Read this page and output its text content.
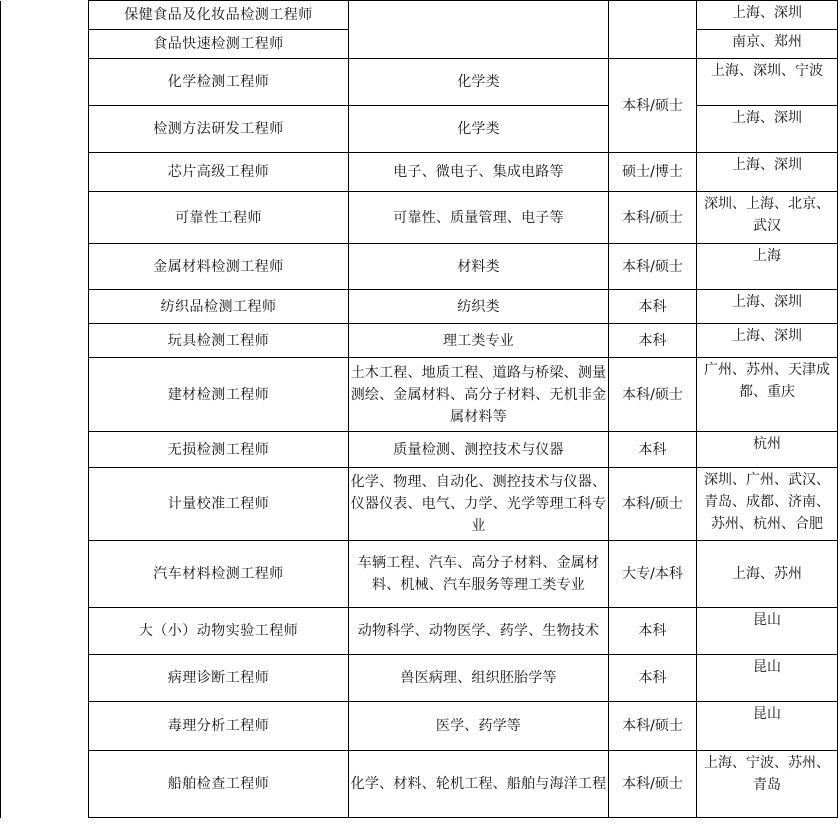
	保健食品及化妆品检测工程师			上海、深圳	
	食品快速检测工程师			南京、郑州	
	化学检测工程师	化学类	本科/硕士	上海、深圳、宁波	
	检测方法研发工程师	化学类		上海、深圳	
	芯片高级工程师	电子、微电子、集成电路等	硕士/博士	上海、深圳	
	可靠性工程师	可靠性、质量管理、电子等	本科/硕士	深圳、上海、北京、武汉	
	金属材料检测工程师	材料类	本科/硕士	上海	
	纺织品检测工程师	纺织类	本科	上海、深圳	
	玩具检测工程师	理工类专业	本科	上海、深圳	
	建材检测工程师	土木工程、地质工程、道路与桥梁、测量测绘、金属材料、高分子材料、无机非金属材料等	本科/硕士	广州、苏州、天津成都、重庆	
	无损检测工程师	质量检测、测控技术与仪器	本科	杭州	
	计量校准工程师	化学、物理、自动化、测控技术与仪器、仪器仪表、电气、力学、光学等理工科专业	本科/硕士	深圳、广州、武汉、青岛、成都、济南、苏州、杭州、合肥	
	汽车材料检测工程师	车辆工程、汽车、高分子材料、金属材料、机械、汽车服务等理工类专业	大专/本科	上海、苏州	
	大（小）动物实验工程师	动物科学、动物医学、药学、生物技术	本科	昆山	
	病理诊断工程师	兽医病理、组织胚胎学等	本科	昆山	
	毒理分析工程师	医学、药学等	本科/硕士	昆山	
	船舶检查工程师	化学、材料、轮机工程、船舶与海洋工程	本科/硕士	上海、宁波、苏州、青岛	
